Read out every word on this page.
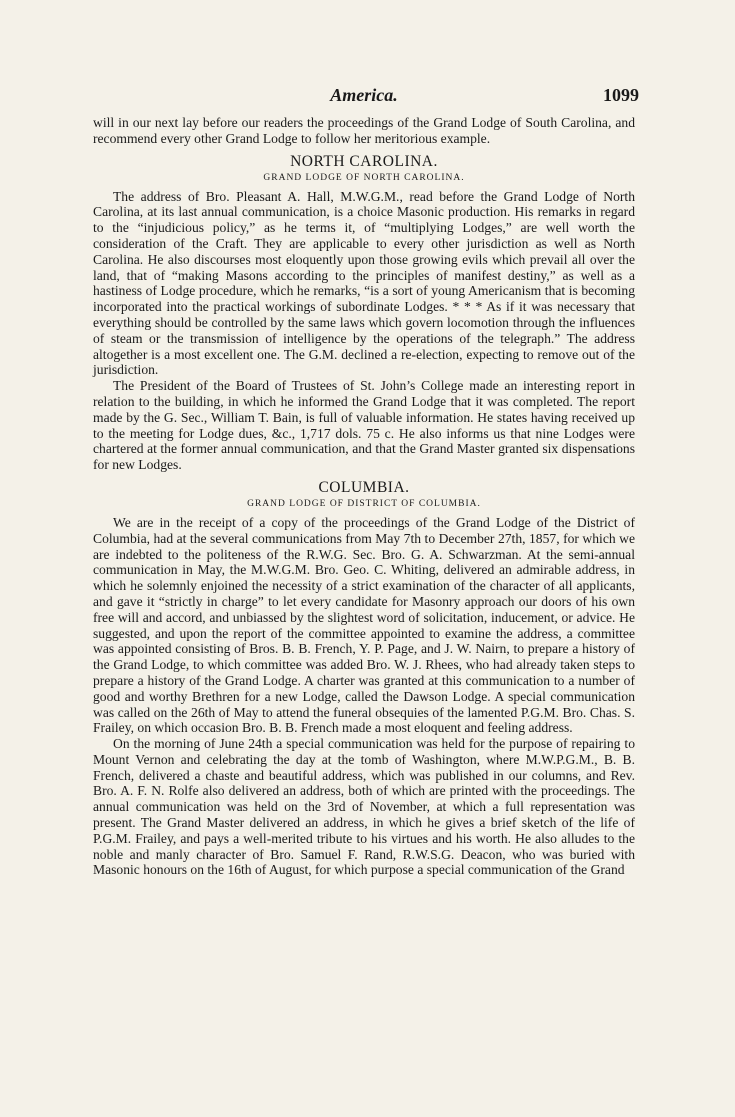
America.	1099

will in our next lay before our readers the proceedings of the Grand Lodge of South Carolina, and recommend every other Grand Lodge to follow her meritorious example.

NORTH CAROLINA.
GRAND LODGE OF NORTH CAROLINA.

The address of Bro. Pleasant A. Hall, M.W.G.M., read before the Grand Lodge of North Carolina, at its last annual communication, is a choice Masonic production. His remarks in regard to the “injudicious policy,” as he terms it, of “multiplying Lodges,” are well worth the consideration of the Craft. They are applicable to every other jurisdiction as well as North Carolina. He also discourses most eloquently upon those growing evils which prevail all over the land, that of “making Masons according to the principles of manifest destiny,” as well as a hastiness of Lodge procedure, which he remarks, “is a sort of young Americanism that is becoming incorporated into the practical workings of subordinate Lodges. * * * As if it was necessary that everything should be controlled by the same laws which govern locomotion through the influences of steam or the transmission of intelligence by the operations of the telegraph.” The address altogether is a most excellent one. The G.M. declined a re-election, expecting to remove out of the jurisdiction.

The President of the Board of Trustees of St. John’s College made an interesting report in relation to the building, in which he informed the Grand Lodge that it was completed. The report made by the G. Sec., William T. Bain, is full of valuable information. He states having received up to the meeting for Lodge dues, &c., 1,717 dols. 75 c. He also informs us that nine Lodges were chartered at the former annual communication, and that the Grand Master granted six dispensations for new Lodges.

COLUMBIA.
GRAND LODGE OF DISTRICT OF COLUMBIA.

We are in the receipt of a copy of the proceedings of the Grand Lodge of the District of Columbia, had at the several communications from May 7th to December 27th, 1857, for which we are indebted to the politeness of the R.W.G. Sec. Bro. G. A. Schwarzman. At the semi-annual communication in May, the M.W.G.M. Bro. Geo. C. Whiting, delivered an admirable address, in which he solemnly enjoined the necessity of a strict examination of the character of all applicants, and gave it “strictly in charge” to let every candidate for Masonry approach our doors of his own free will and accord, and unbiassed by the slightest word of solicitation, inducement, or advice. He suggested, and upon the report of the committee appointed to examine the address, a committee was appointed consisting of Bros. B. B. French, Y. P. Page, and J. W. Nairn, to prepare a history of the Grand Lodge, to which committee was added Bro. W. J. Rhees, who had already taken steps to prepare a history of the Grand Lodge. A charter was granted at this communication to a number of good and worthy Brethren for a new Lodge, called the Dawson Lodge. A special communication was called on the 26th of May to attend the funeral obsequies of the lamented P.G.M. Bro. Chas. S. Frailey, on which occasion Bro. B. B. French made a most eloquent and feeling address.

On the morning of June 24th a special communication was held for the purpose of repairing to Mount Vernon and celebrating the day at the tomb of Washington, where M.W.P.G.M., B. B. French, delivered a chaste and beautiful address, which was published in our columns, and Rev. Bro. A. F. N. Rolfe also delivered an address, both of which are printed with the proceedings. The annual communication was held on the 3rd of November, at which a full representation was present. The Grand Master delivered an address, in which he gives a brief sketch of the life of P.G.M. Frailey, and pays a well-merited tribute to his virtues and his worth. He also alludes to the noble and manly character of Bro. Samuel F. Rand, R.W.S.G. Deacon, who was buried with Masonic honours on the 16th of August, for which purpose a special communication of the Grand
